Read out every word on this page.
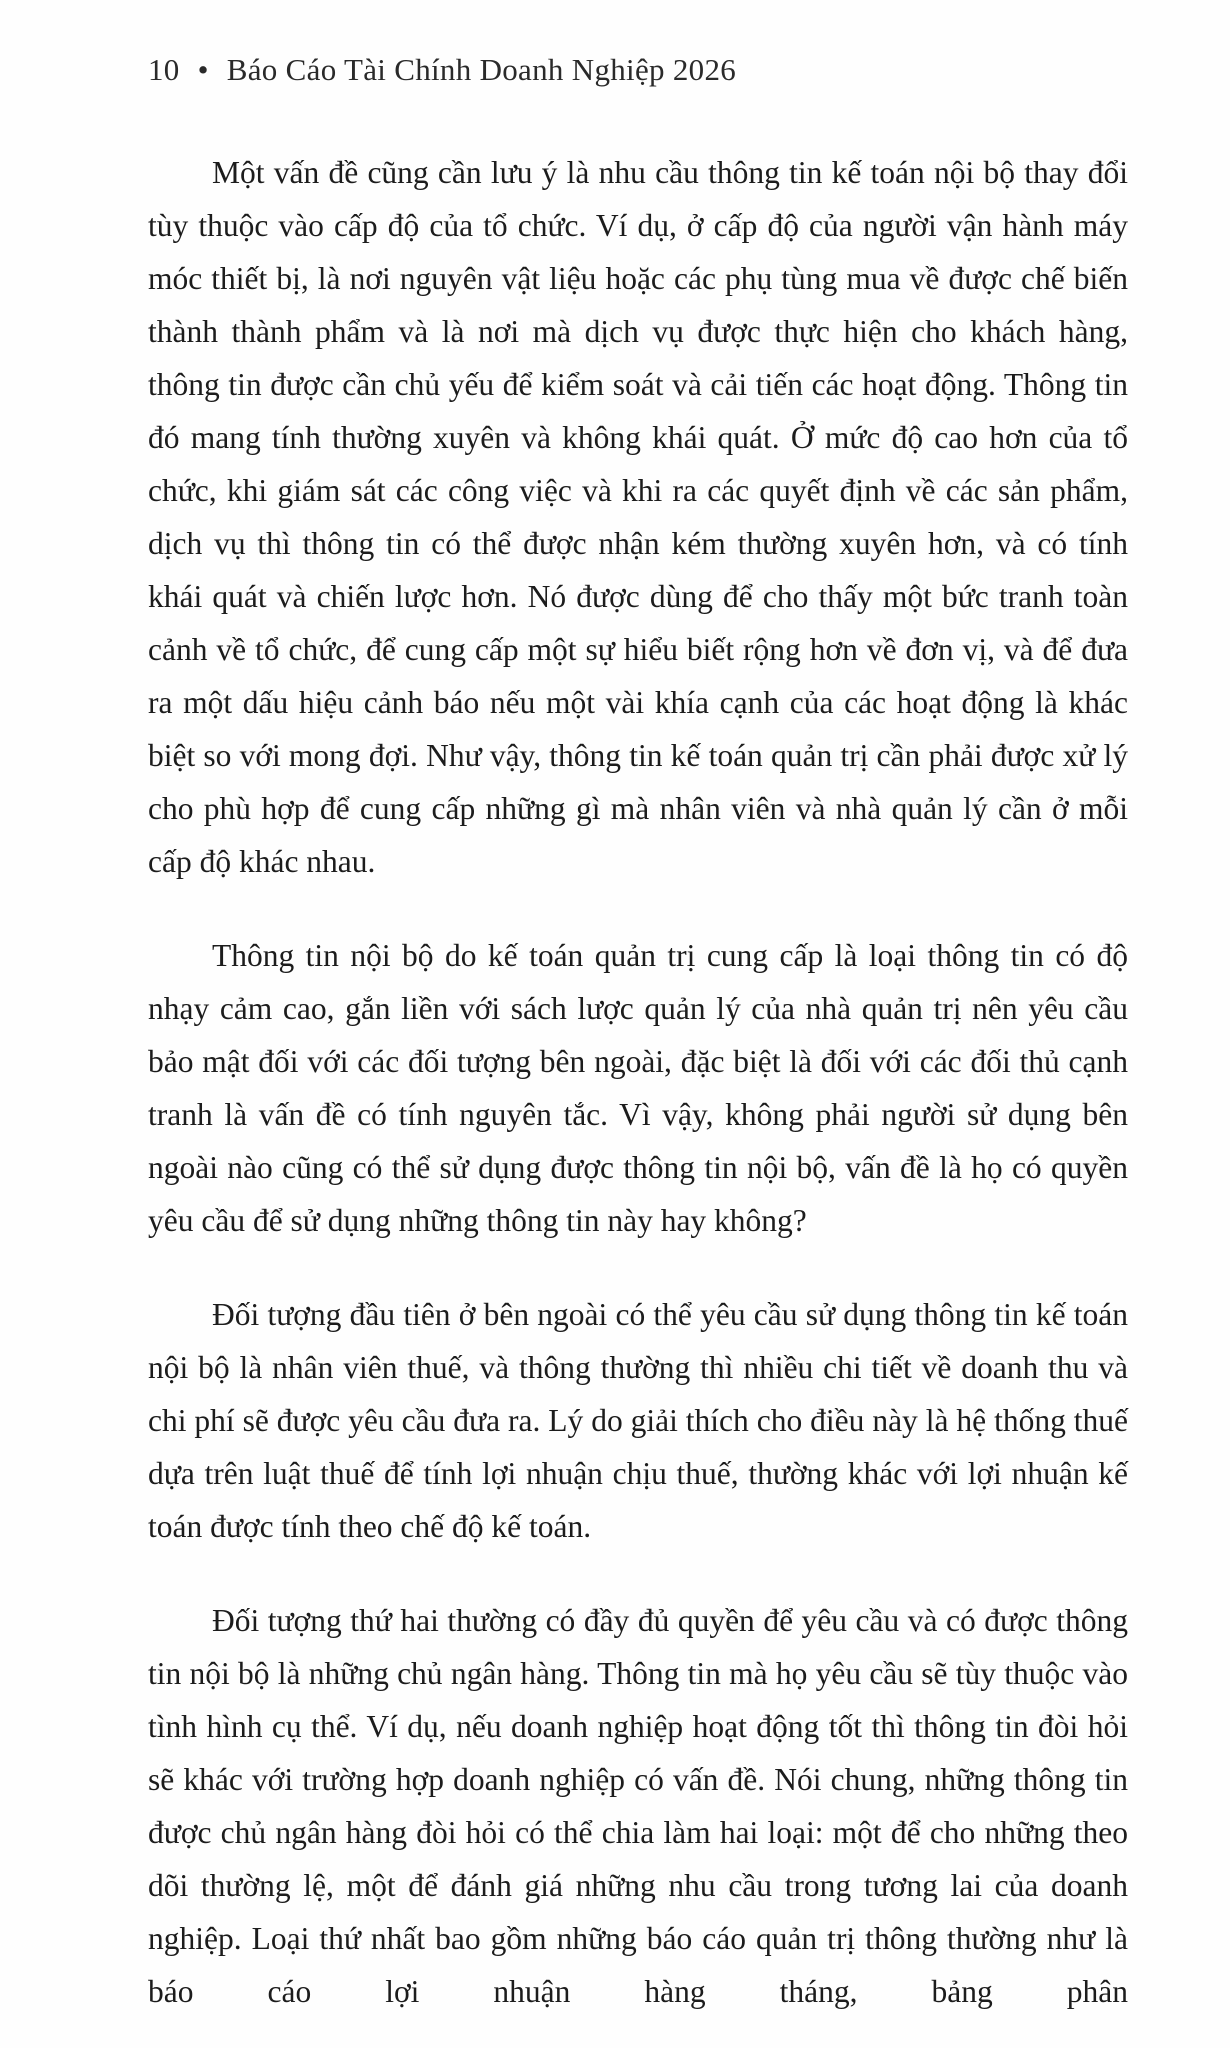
10 • Báo Cáo Tài Chính Doanh Nghiệp 2026

Một vấn đề cũng cần lưu ý là nhu cầu thông tin kế toán nội bộ thay đổi tùy thuộc vào cấp độ của tổ chức. Ví dụ, ở cấp độ của người vận hành máy móc thiết bị, là nơi nguyên vật liệu hoặc các phụ tùng mua về được chế biến thành thành phẩm và là nơi mà dịch vụ được thực hiện cho khách hàng, thông tin được cần chủ yếu để kiểm soát và cải tiến các hoạt động. Thông tin đó mang tính thường xuyên và không khái quát. Ở mức độ cao hơn của tổ chức, khi giám sát các công việc và khi ra các quyết định về các sản phẩm, dịch vụ thì thông tin có thể được nhận kém thường xuyên hơn, và có tính khái quát và chiến lược hơn. Nó được dùng để cho thấy một bức tranh toàn cảnh về tổ chức, để cung cấp một sự hiểu biết rộng hơn về đơn vị, và để đưa ra một dấu hiệu cảnh báo nếu một vài khía cạnh của các hoạt động là khác biệt so với mong đợi. Như vậy, thông tin kế toán quản trị cần phải được xử lý cho phù hợp để cung cấp những gì mà nhân viên và nhà quản lý cần ở mỗi cấp độ khác nhau.

Thông tin nội bộ do kế toán quản trị cung cấp là loại thông tin có độ nhạy cảm cao, gắn liền với sách lược quản lý của nhà quản trị nên yêu cầu bảo mật đối với các đối tượng bên ngoài, đặc biệt là đối với các đối thủ cạnh tranh là vấn đề có tính nguyên tắc. Vì vậy, không phải người sử dụng bên ngoài nào cũng có thể sử dụng được thông tin nội bộ, vấn đề là họ có quyền yêu cầu để sử dụng những thông tin này hay không?

Đối tượng đầu tiên ở bên ngoài có thể yêu cầu sử dụng thông tin kế toán nội bộ là nhân viên thuế, và thông thường thì nhiều chi tiết về doanh thu và chi phí sẽ được yêu cầu đưa ra. Lý do giải thích cho điều này là hệ thống thuế dựa trên luật thuế để tính lợi nhuận chịu thuế, thường khác với lợi nhuận kế toán được tính theo chế độ kế toán.

Đối tượng thứ hai thường có đầy đủ quyền để yêu cầu và có được thông tin nội bộ là những chủ ngân hàng. Thông tin mà họ yêu cầu sẽ tùy thuộc vào tình hình cụ thể. Ví dụ, nếu doanh nghiệp hoạt động tốt thì thông tin đòi hỏi sẽ khác với trường hợp doanh nghiệp có vấn đề. Nói chung, những thông tin được chủ ngân hàng đòi hỏi có thể chia làm hai loại: một để cho những theo dõi thường lệ, một để đánh giá những nhu cầu trong tương lai của doanh nghiệp. Loại thứ nhất bao gồm những báo cáo quản trị thông thường như là báo cáo lợi nhuận hàng tháng, bảng phân
